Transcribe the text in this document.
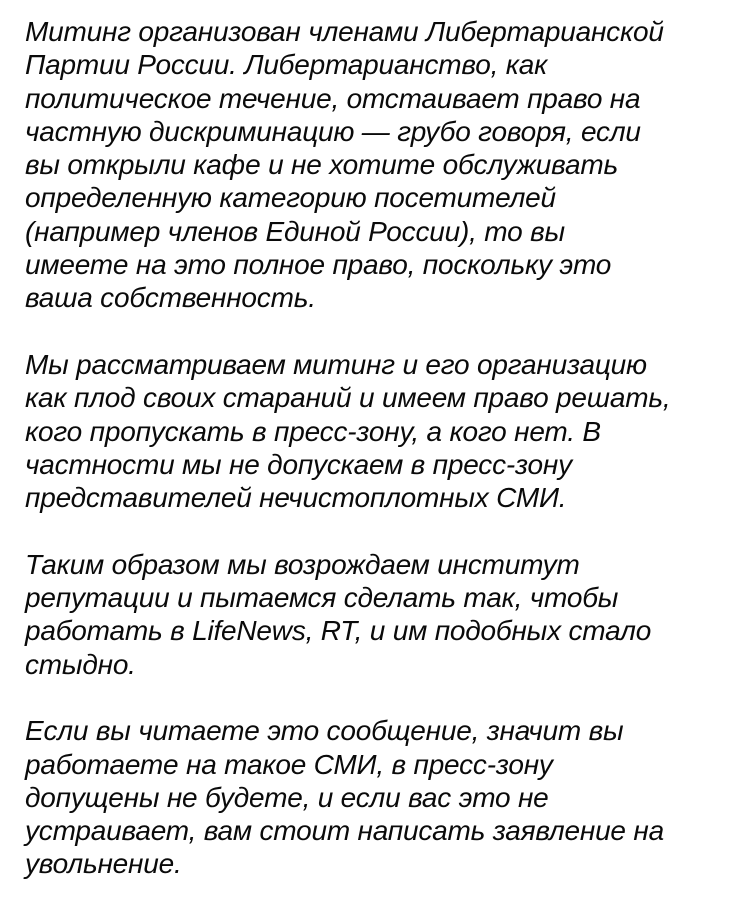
Митинг организован членами Либертарианской
Партии России. Либертарианство, как
политическое течение, отстаивает право на
частную дискриминацию — грубо говоря, если
вы открыли кафе и не хотите обслуживать
определенную категорию посетителей
(например членов Единой России), то вы
имеете на это полное право, поскольку это
ваша собственность.

Мы рассматриваем митинг и его организацию
как плод своих стараний и имеем право решать,
кого пропускать в пресс-зону, а кого нет. В
частности мы не допускаем в пресс-зону
представителей нечистоплотных СМИ.

Таким образом мы возрождаем институт
репутации и пытаемся сделать так, чтобы
работать в LifeNews, RT, и им подобных стало
стыдно.

Если вы читаете это сообщение, значит вы
работаете на такое СМИ, в пресс-зону
допущены не будете, и если вас это не
устраивает, вам стоит написать заявление на
увольнение.
